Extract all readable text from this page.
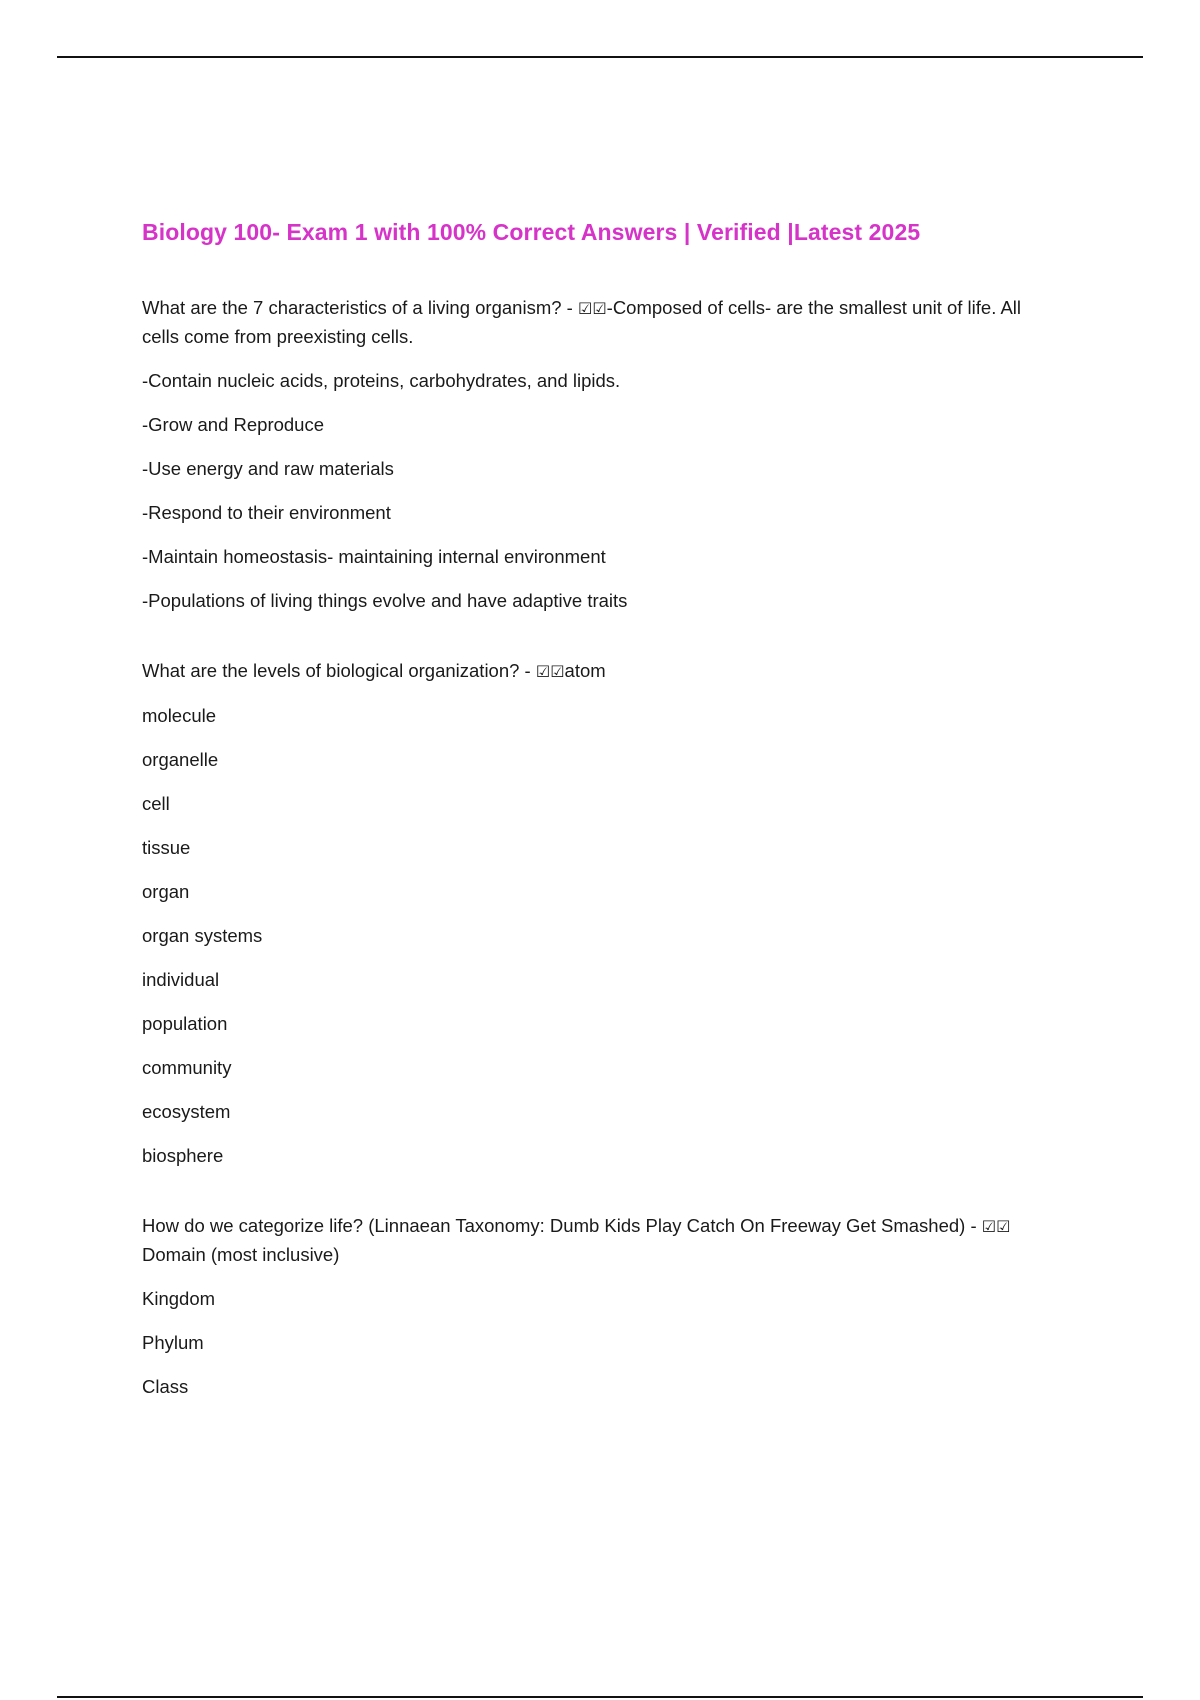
Biology 100- Exam 1 with 100% Correct Answers | Verified |Latest 2025
What are the 7 characteristics of a living organism? - ☑☑-Composed of cells- are the smallest unit of life. All cells come from preexisting cells.
-Contain nucleic acids, proteins, carbohydrates, and lipids.
-Grow and Reproduce
-Use energy and raw materials
-Respond to their environment
-Maintain homeostasis- maintaining internal environment
-Populations of living things evolve and have adaptive traits
What are the levels of biological organization? - ☑☑atom
molecule
organelle
cell
tissue
organ
organ systems
individual
population
community
ecosystem
biosphere
How do we categorize life? (Linnaean Taxonomy: Dumb Kids Play Catch On Freeway Get Smashed) - ☑☑Domain (most inclusive)
Kingdom
Phylum
Class
